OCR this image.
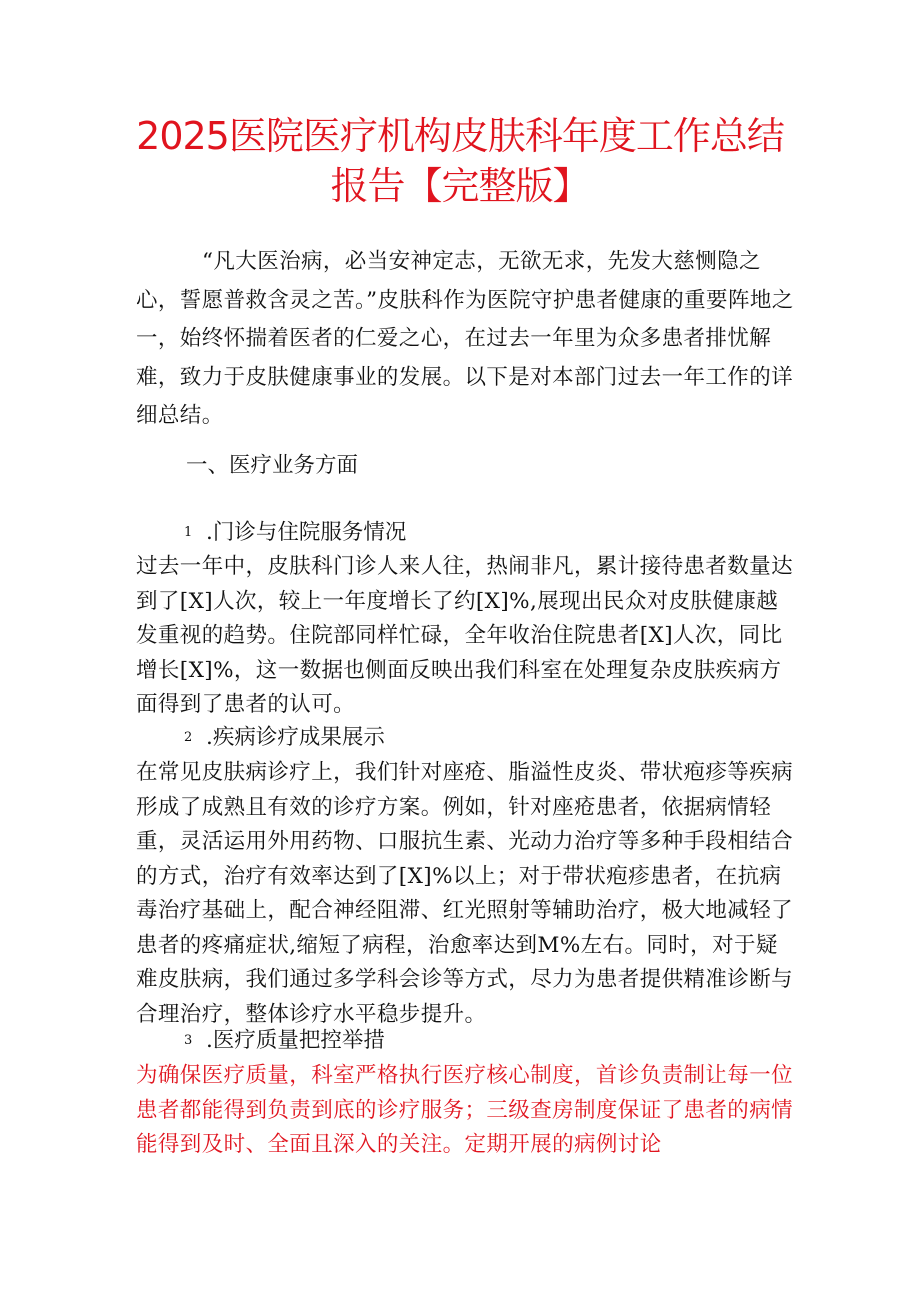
2025医院医疗机构皮肤科年度工作总结
报告【完整版】
“凡大医治病，必当安神定志，无欲无求，先发大慈恻隐之心，誓愿普救含灵之苦。”皮肤科作为医院守护患者健康的重要阵地之一，始终怀揣着医者的仁爱之心，在过去一年里为众多患者排忧解难，致力于皮肤健康事业的发展。以下是对本部门过去一年工作的详细总结。
一、医疗业务方面
1 .门诊与住院服务情况
过去一年中，皮肤科门诊人来人往，热闹非凡，累计接待患者数量达到了[X]人次，较上一年度增长了约[X]%,展现出民众对皮肤健康越发重视的趋势。住院部同样忙碌，全年收治住院患者[X]人次，同比增长[X]%，这一数据也侧面反映出我们科室在处理复杂皮肤疾病方面得到了患者的认可。
2 .疾病诊疗成果展示
在常见皮肤病诊疗上，我们针对座疮、脂溢性皮炎、带状疱疹等疾病形成了成熟且有效的诊疗方案。例如，针对座疮患者，依据病情轻重，灵活运用外用药物、口服抗生素、光动力治疗等多种手段相结合的方式，治疗有效率达到了[X]%以上；对于带状疱疹患者，在抗病毒治疗基础上，配合神经阻滞、红光照射等辅助治疗，极大地减轻了患者的疼痛症状,缩短了病程，治愈率达到M%左右。同时，对于疑难皮肤病，我们通过多学科会诊等方式，尽力为患者提供精准诊断与合理治疗，整体诊疗水平稳步提升。
3 .医疗质量把控举措
为确保医疗质量，科室严格执行医疗核心制度，首诊负责制让每一位患者都能得到负责到底的诊疗服务；三级查房制度保证了患者的病情能得到及时、全面且深入的关注。定期开展的病例讨论
